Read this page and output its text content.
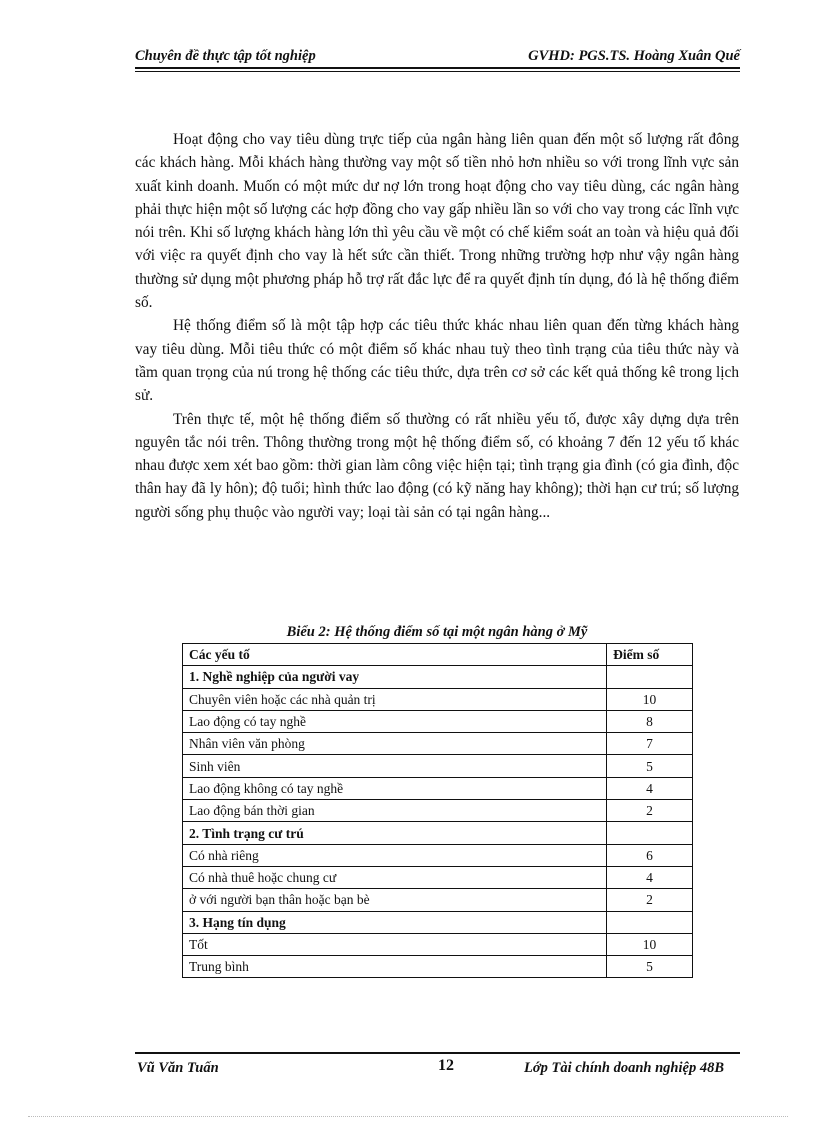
Chuyên đề thực tập tốt nghiệp	GVHD: PGS.TS. Hoàng Xuân Quế

Hoạt động cho vay tiêu dùng trực tiếp của ngân hàng liên quan đến một số lượng rất đông các khách hàng. Mỗi khách hàng thường vay một số tiền nhỏ hơn nhiều so với trong lĩnh vực sản xuất kinh doanh. Muốn có một mức dư nợ lớn trong hoạt động cho vay tiêu dùng, các ngân hàng phải thực hiện một số lượng các hợp đồng cho vay gấp nhiều lần so với cho vay trong các lĩnh vực nói trên. Khi số lượng khách hàng lớn thì yêu cầu về một có chế kiểm soát an toàn và hiệu quả đối với việc ra quyết định cho vay là hết sức cần thiết. Trong những trường hợp như vậy ngân hàng thường sử dụng một phương pháp hỗ trợ rất đắc lực để ra quyết định tín dụng, đó là hệ thống điểm số.

Hệ thống điểm số là một tập hợp các tiêu thức khác nhau liên quan đến từng khách hàng vay tiêu dùng. Mỗi tiêu thức có một điểm số khác nhau tuỳ theo tình trạng của tiêu thức này và tầm quan trọng của nú trong hệ thống các tiêu thức, dựa trên cơ sở các kết quả thống kê trong lịch sử.

Trên thực tế, một hệ thống điểm số thường có rất nhiều yếu tố, được xây dựng dựa trên nguyên tắc nói trên. Thông thường trong một hệ thống điểm số, có khoảng 7 đến 12 yếu tố khác nhau được xem xét bao gồm: thời gian làm công việc hiện tại; tình trạng gia đình (có gia đình, độc thân hay đã ly hôn); độ tuổi; hình thức lao động (có kỹ năng hay không); thời hạn cư trú; số lượng người sống phụ thuộc vào người vay; loại tài sản có tại ngân hàng...

Biểu 2: Hệ thống điểm số tại một ngân hàng ở Mỹ
Các yếu tố	Điểm số
1. Nghề nghiệp của người vay	
Chuyên viên hoặc các nhà quản trị	10
Lao động có tay nghề	8
Nhân viên văn phòng	7
Sinh viên	5
Lao động không có tay nghề	4
Lao động bán thời gian	2
2. Tình trạng cư trú	
Có nhà riêng	6
Có nhà thuê hoặc chung cư	4
ở với người bạn thân hoặc bạn bè	2
3. Hạng tín dụng	
Tốt	10
Trung bình	5
Vũ Văn Tuấn	12	Lớp Tài chính doanh nghiệp 48B
